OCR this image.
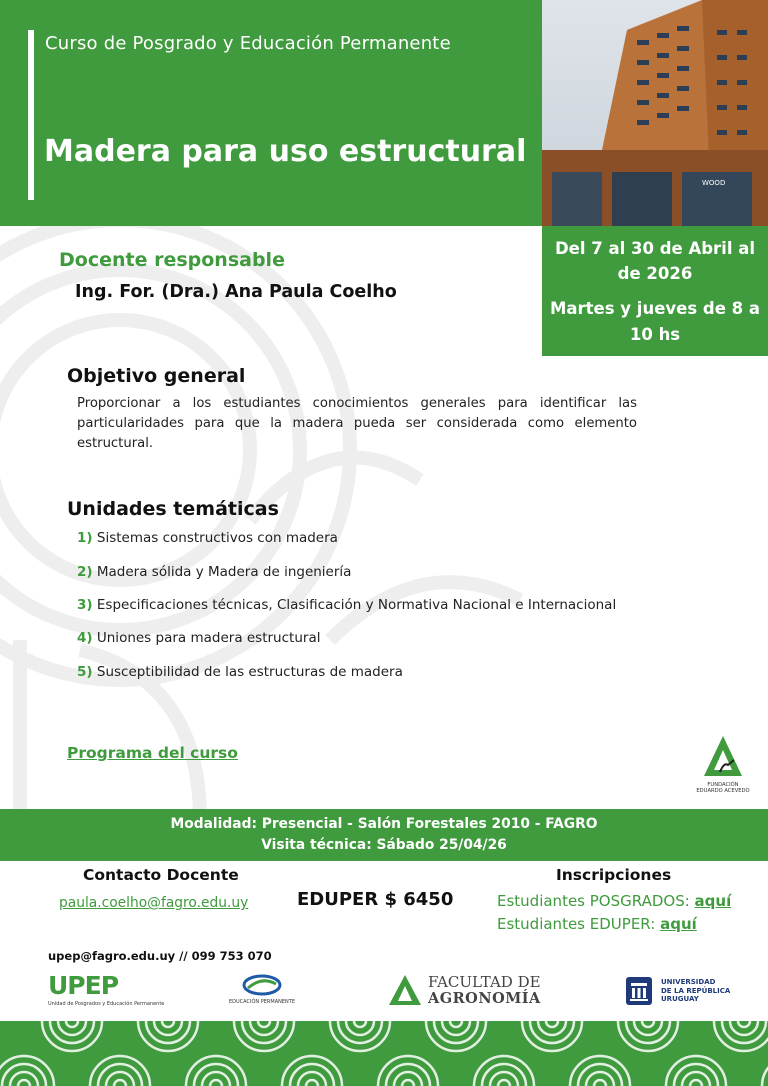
Curso de Posgrado y Educación Permanente
Madera para uso estructural
WOOD
Del 7 al 30 de Abril al de 2026
Martes y jueves de 8 a 10 hs
Docente responsable
Ing. For. (Dra.) Ana Paula Coelho
Objetivo general
Proporcionar a los estudiantes conocimientos generales para identificar las particularidades para que la madera pueda ser considerada como elemento estructural.
Unidades temáticas
1) Sistemas constructivos con madera
2) Madera sólida y Madera de ingeniería
3) Especificaciones técnicas, Clasificación y Normativa Nacional e Internacional
4) Uniones para madera estructural
5) Susceptibilidad de las estructuras de madera
Programa del curso
FUNDACIÓN
EDUARDO ACEVEDO
Modalidad: Presencial - Salón Forestales 2010 - FAGRO
Visita técnica: Sábado 25/04/26
Contacto Docente
paula.coelho@fagro.edu.uy	EDUPER $ 6450
Inscripciones
Estudiantes POSGRADOS: aquí
Estudiantes EDUPER: aquí
upep@fagro.edu.uy // 099 753 070
UPEP
Unidad de Posgrados y Educación Permanente	EDUCACIÓN PERMANENTE
FACULTAD DE
AGRONOMÍA
UNIVERSIDAD
DE LA REPÚBLICA
URUGUAY
